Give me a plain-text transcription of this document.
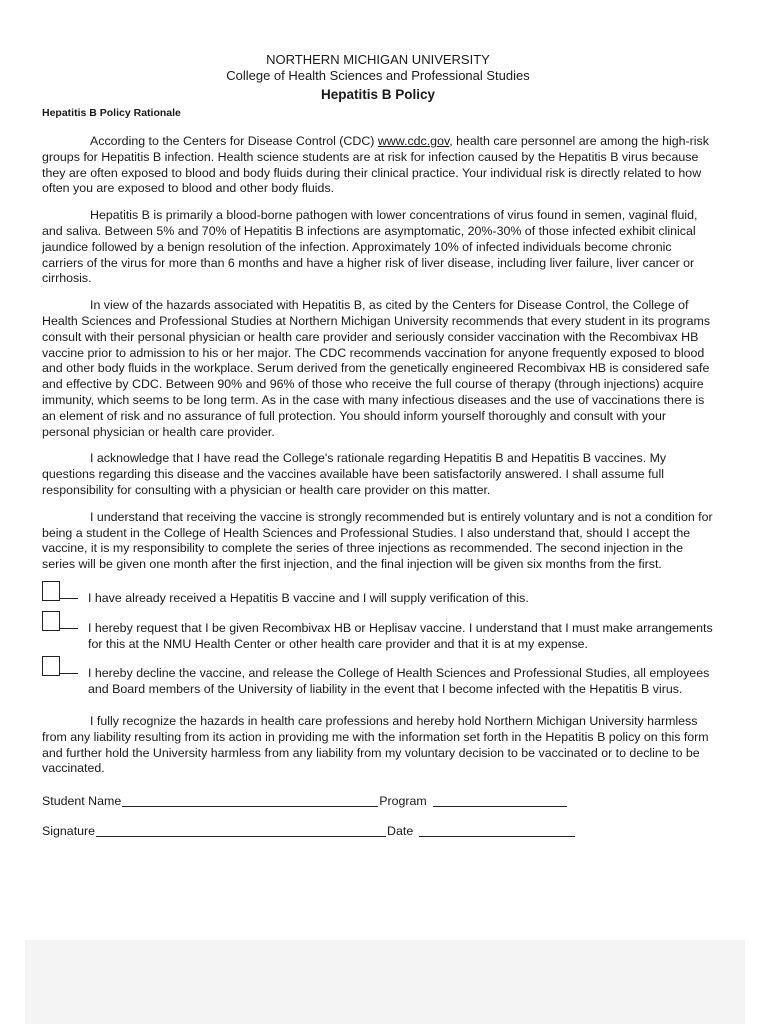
NORTHERN MICHIGAN UNIVERSITY
College of Health Sciences and Professional Studies
Hepatitis B Policy
Hepatitis B Policy Rationale

According to the Centers for Disease Control (CDC) www.cdc.gov, health care personnel are among the high-risk groups for Hepatitis B infection. Health science students are at risk for infection caused by the Hepatitis B virus because they are often exposed to blood and body fluids during their clinical practice. Your individual risk is directly related to how often you are exposed to blood and other body fluids.

Hepatitis B is primarily a blood-borne pathogen with lower concentrations of virus found in semen, vaginal fluid, and saliva. Between 5% and 70% of Hepatitis B infections are asymptomatic, 20%-30% of those infected exhibit clinical jaundice followed by a benign resolution of the infection. Approximately 10% of infected individuals become chronic carriers of the virus for more than 6 months and have a higher risk of liver disease, including liver failure, liver cancer or cirrhosis.

In view of the hazards associated with Hepatitis B, as cited by the Centers for Disease Control, the College of Health Sciences and Professional Studies at Northern Michigan University recommends that every student in its programs consult with their personal physician or health care provider and seriously consider vaccination with the Recombivax HB vaccine prior to admission to his or her major. The CDC recommends vaccination for anyone frequently exposed to blood and other body fluids in the workplace. Serum derived from the genetically engineered Recombivax HB is considered safe and effective by CDC. Between 90% and 96% of those who receive the full course of therapy (through injections) acquire immunity, which seems to be long term. As in the case with many infectious diseases and the use of vaccinations there is an element of risk and no assurance of full protection. You should inform yourself thoroughly and consult with your personal physician or health care provider.

I acknowledge that I have read the College's rationale regarding Hepatitis B and Hepatitis B vaccines. My questions regarding this disease and the vaccines available have been satisfactorily answered. I shall assume full responsibility for consulting with a physician or health care provider on this matter.

I understand that receiving the vaccine is strongly recommended but is entirely voluntary and is not a condition for being a student in the College of Health Sciences and Professional Studies. I also understand that, should I accept the vaccine, it is my responsibility to complete the series of three injections as recommended. The second injection in the series will be given one month after the first injection, and the final injection will be given six months from the first.

I have already received a Hepatitis B vaccine and I will supply verification of this.
I hereby request that I be given Recombivax HB or Heplisav vaccine. I understand that I must make arrangements for this at the NMU Health Center or other health care provider and that it is at my expense.
I hereby decline the vaccine, and release the College of Health Sciences and Professional Studies, all employees and Board members of the University of liability in the event that I become infected with the Hepatitis B virus.

I fully recognize the hazards in health care professions and hereby hold Northern Michigan University harmless from any liability resulting from its action in providing me with the information set forth in the Hepatitis B policy on this form and further hold the University harmless from any liability from my voluntary decision to be vaccinated or to decline to be vaccinated.

Student Name	Program
Signature	Date
